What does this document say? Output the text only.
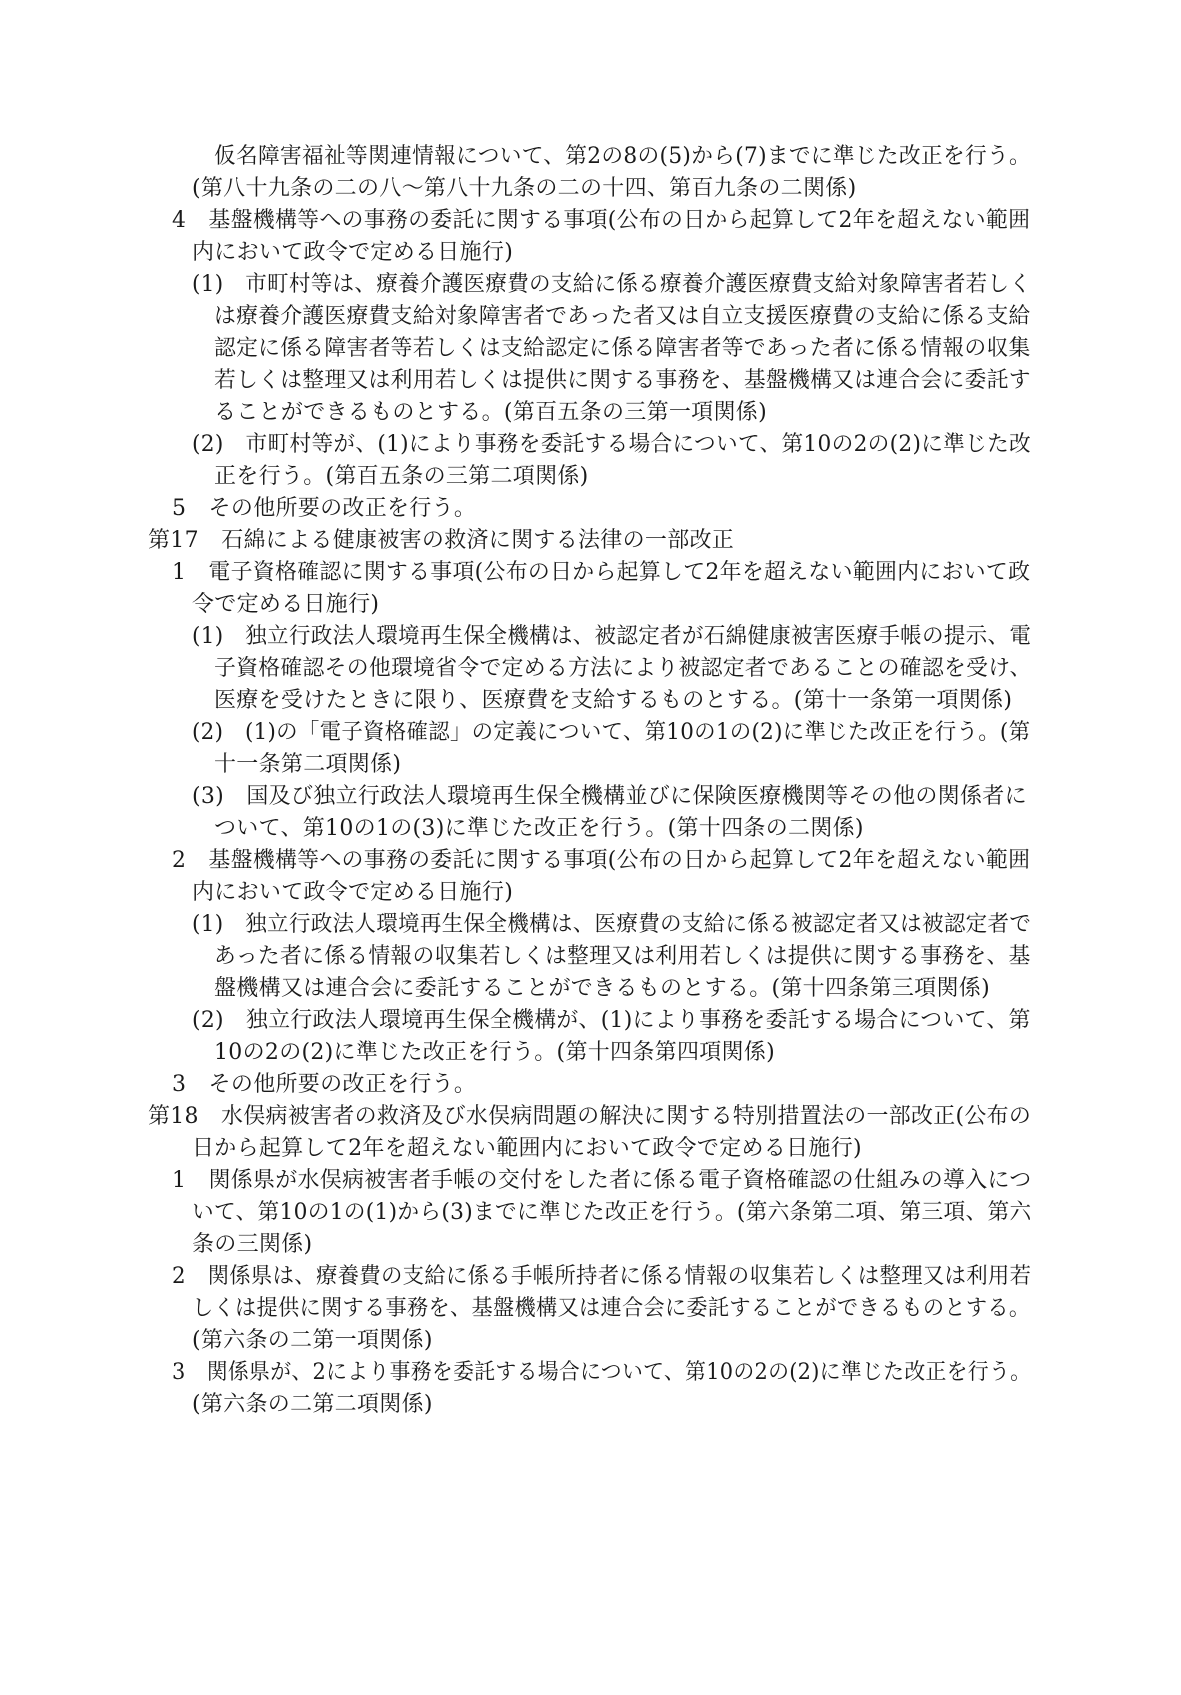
仮名障害福祉等関連情報について、第2の8の(5)から(7)までに準じた改正を行う。
(第八十九条の二の八～第八十九条の二の十四、第百九条の二関係)
4　基盤機構等への事務の委託に関する事項(公布の日から起算して2年を超えない範囲
内において政令で定める日施行)
(1)　市町村等は、療養介護医療費の支給に係る療養介護医療費支給対象障害者若しく
は療養介護医療費支給対象障害者であった者又は自立支援医療費の支給に係る支給
認定に係る障害者等若しくは支給認定に係る障害者等であった者に係る情報の収集
若しくは整理又は利用若しくは提供に関する事務を、基盤機構又は連合会に委託す
ることができるものとする。(第百五条の三第一項関係)
(2)　市町村等が、(1)により事務を委託する場合について、第10の2の(2)に準じた改
正を行う。(第百五条の三第二項関係)
5　その他所要の改正を行う。
第17　石綿による健康被害の救済に関する法律の一部改正
1　電子資格確認に関する事項(公布の日から起算して2年を超えない範囲内において政
令で定める日施行)
(1)　独立行政法人環境再生保全機構は、被認定者が石綿健康被害医療手帳の提示、電
子資格確認その他環境省令で定める方法により被認定者であることの確認を受け、
医療を受けたときに限り、医療費を支給するものとする。(第十一条第一項関係)
(2)　(1)の「電子資格確認」の定義について、第10の1の(2)に準じた改正を行う。(第
十一条第二項関係)
(3)　国及び独立行政法人環境再生保全機構並びに保険医療機関等その他の関係者に
ついて、第10の1の(3)に準じた改正を行う。(第十四条の二関係)
2　基盤機構等への事務の委託に関する事項(公布の日から起算して2年を超えない範囲
内において政令で定める日施行)
(1)　独立行政法人環境再生保全機構は、医療費の支給に係る被認定者又は被認定者で
あった者に係る情報の収集若しくは整理又は利用若しくは提供に関する事務を、基
盤機構又は連合会に委託することができるものとする。(第十四条第三項関係)
(2)　独立行政法人環境再生保全機構が、(1)により事務を委託する場合について、第
10の2の(2)に準じた改正を行う。(第十四条第四項関係)
3　その他所要の改正を行う。
第18　水俣病被害者の救済及び水俣病問題の解決に関する特別措置法の一部改正(公布の
日から起算して2年を超えない範囲内において政令で定める日施行)
1　関係県が水俣病被害者手帳の交付をした者に係る電子資格確認の仕組みの導入につ
いて、第10の1の(1)から(3)までに準じた改正を行う。(第六条第二項、第三項、第六
条の三関係)
2　関係県は、療養費の支給に係る手帳所持者に係る情報の収集若しくは整理又は利用若
しくは提供に関する事務を、基盤機構又は連合会に委託することができるものとする。
(第六条の二第一項関係)
3　関係県が、2により事務を委託する場合について、第10の2の(2)に準じた改正を行う。
(第六条の二第二項関係)
